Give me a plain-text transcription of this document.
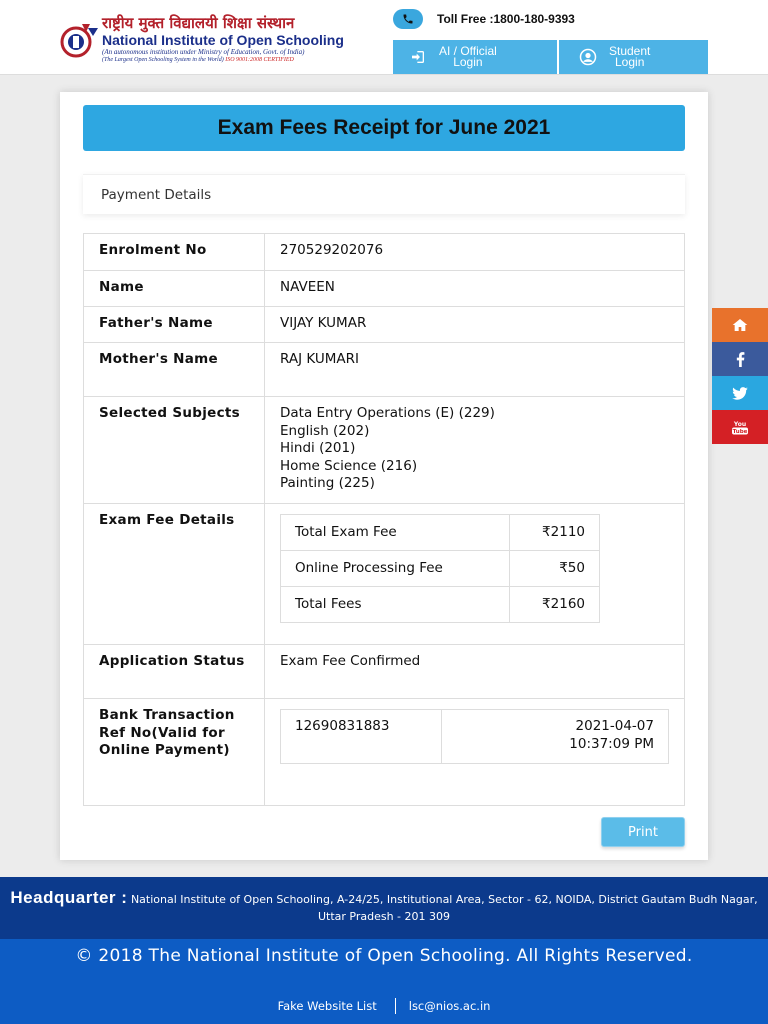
राष्ट्रीय मुक्त विद्यालयी शिक्षा संस्थान
National Institute of Open Schooling
(An autonomous institution under Ministry of Education, Govt. of India)
(The Largest Open Schooling System in the World) ISO 9001:2008 CERTIFIED
Toll Free :1800-180-9393
AI / Official
Login
Student
Login
Exam Fees Receipt for June 2021
Payment Details
Enrolment No	270529202076
Name	NAVEEN
Father's Name	VIJAY KUMAR
Mother's Name	RAJ KUMARI
Selected Subjects	Data Entry Operations (E) (229)
English (202)
Hindi (201)
Home Science (216)
Painting (225)

Exam Fee Details	
Total Exam Fee	₹2110
Online Processing Fee	₹50
Total Fees	₹2160

Application Status	Exam Fee Confirmed
Bank Transaction Ref No(Valid for Online Payment)	
12690831883	2021-04-07
10:37:09 PM
Print
You
Tube
Headquarter : National Institute of Open Schooling, A-24/25, Institutional Area, Sector - 62, NOIDA, District Gautam Budh Nagar, Uttar Pradesh - 201 309
© 2018 The National Institute of Open Schooling. All Rights Reserved.
Fake Website List	lsc@nios.ac.in
